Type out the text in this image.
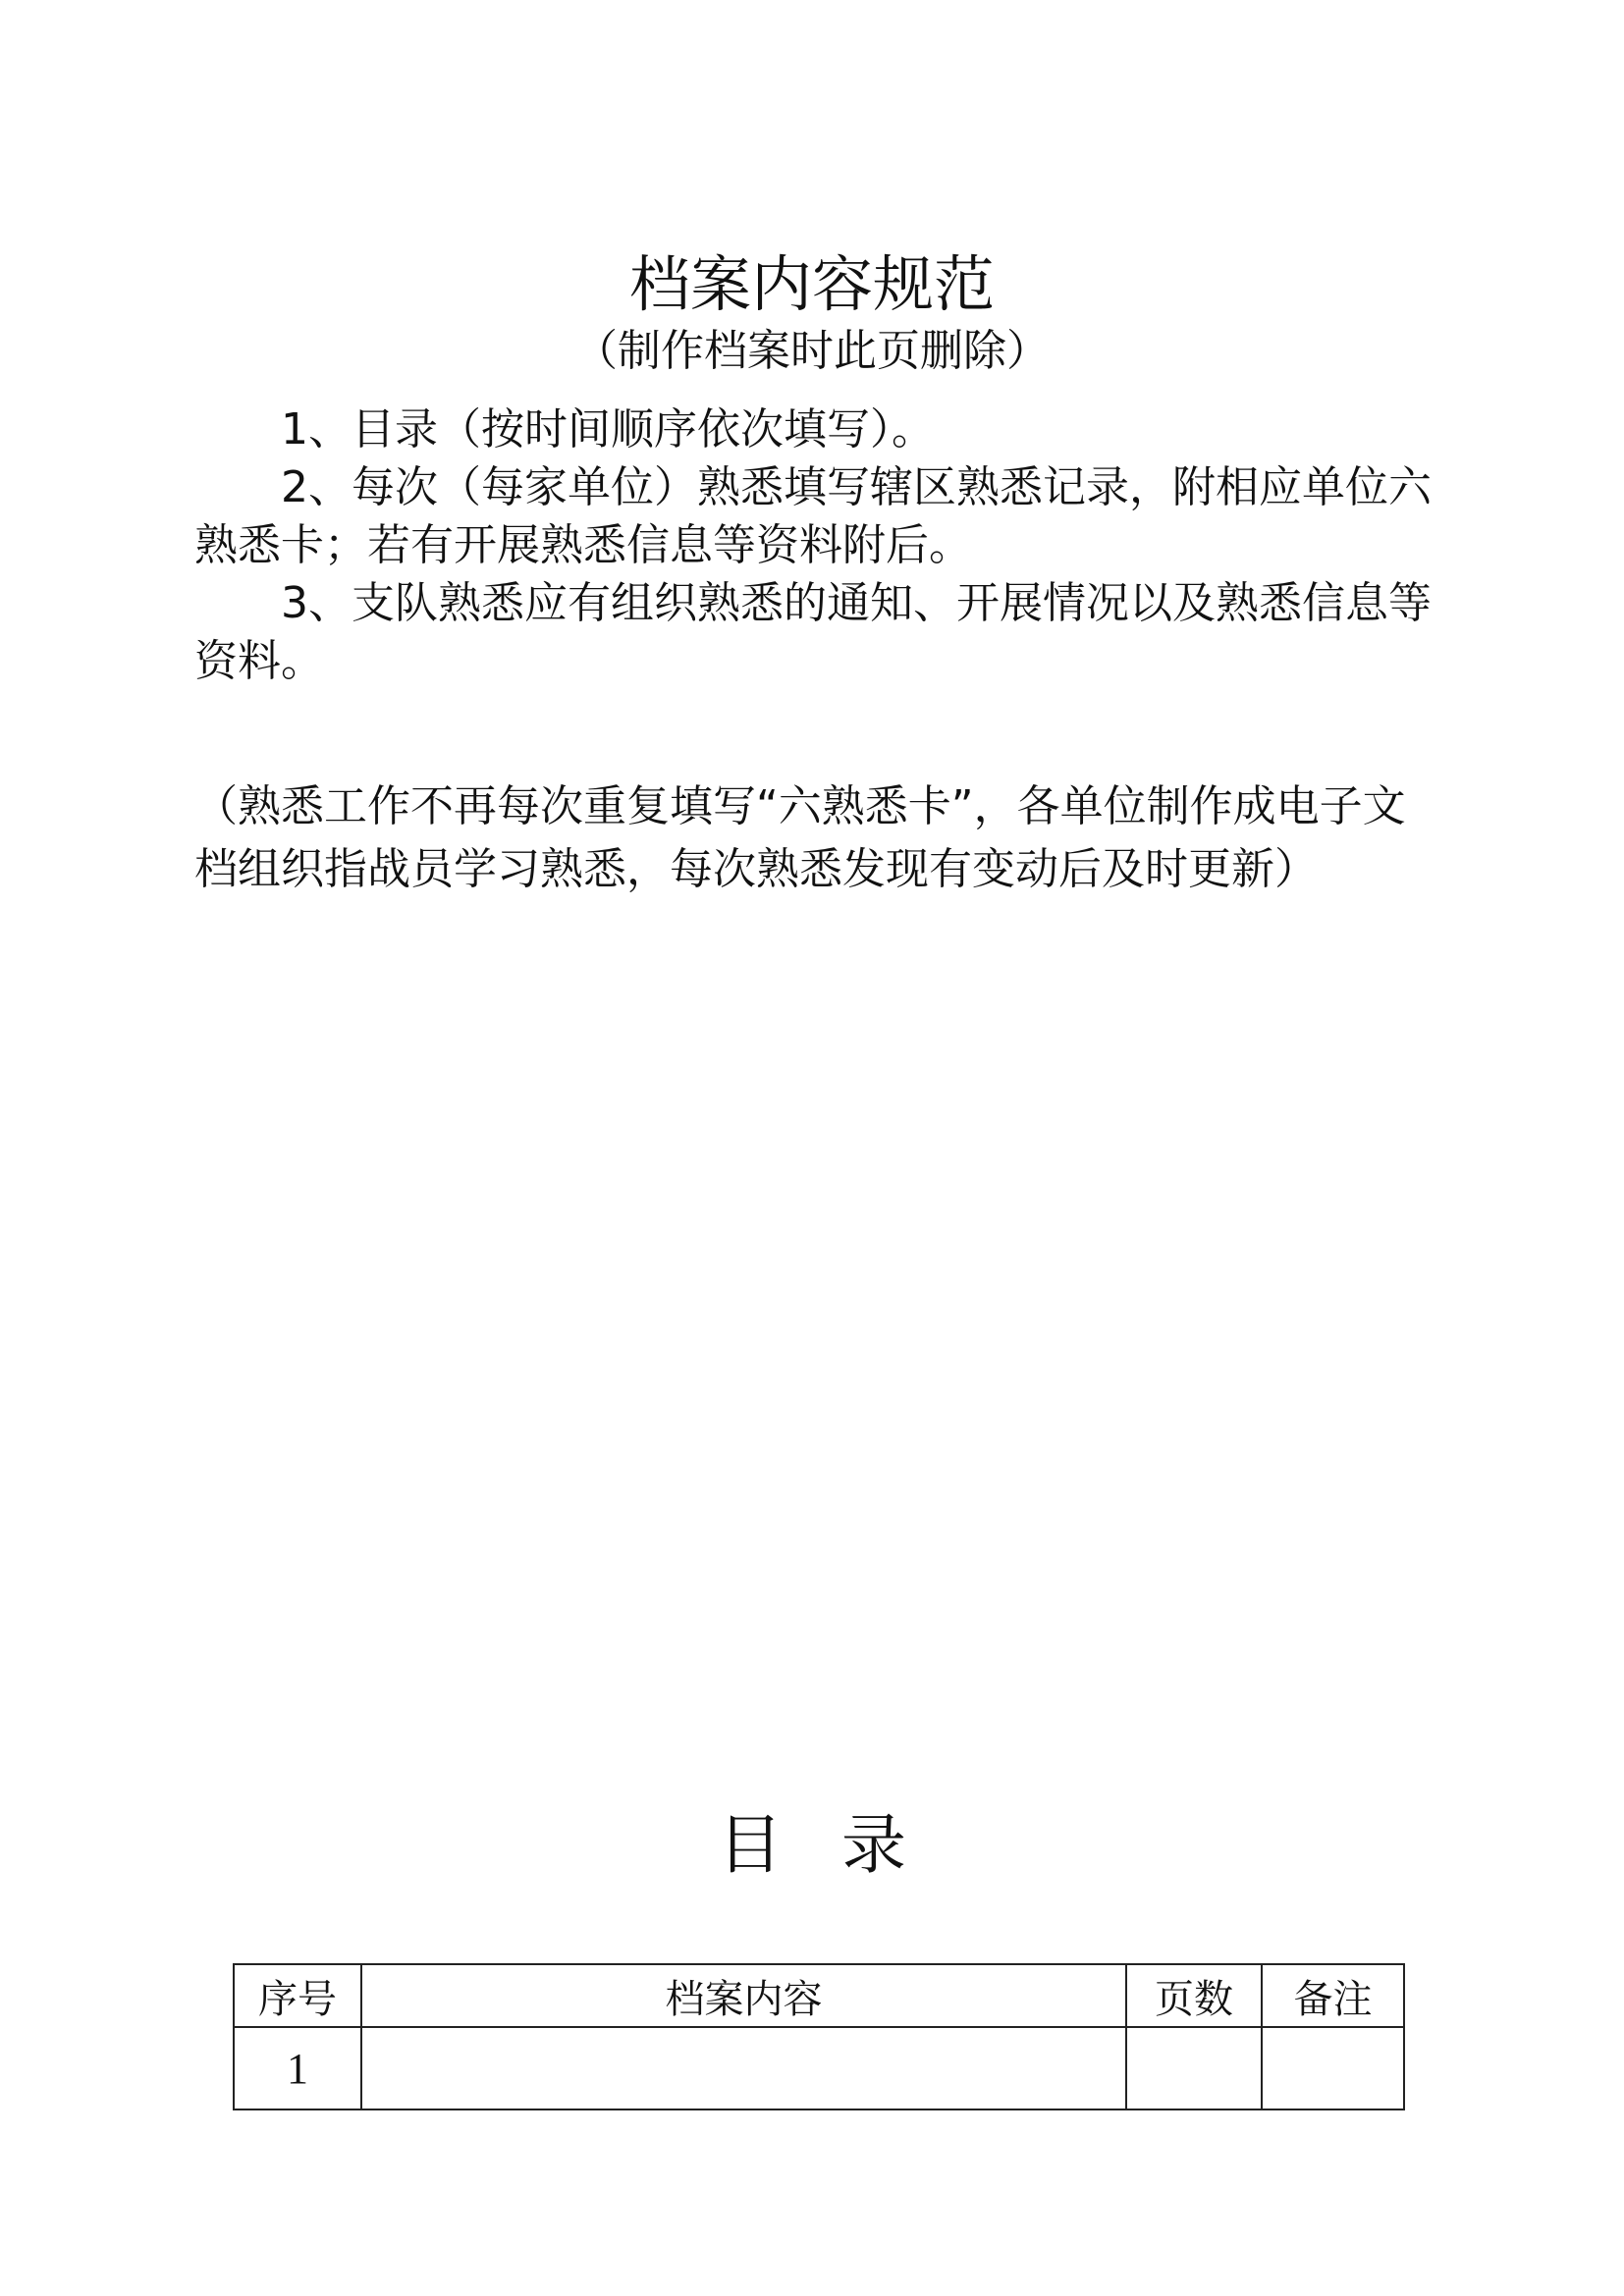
档案内容规范
（制作档案时此页删除）

1、目录（按时间顺序依次填写）。

2、每次（每家单位）熟悉填写辖区熟悉记录，附相应单位六熟悉卡；若有开展熟悉信息等资料附后。

3、支队熟悉应有组织熟悉的通知、开展情况以及熟悉信息等资料。

（熟悉工作不再每次重复填写“六熟悉卡”，各单位制作成电子文档组织指战员学习熟悉，每次熟悉发现有变动后及时更新）
目录
序号	档案内容	页数	备注
1			
